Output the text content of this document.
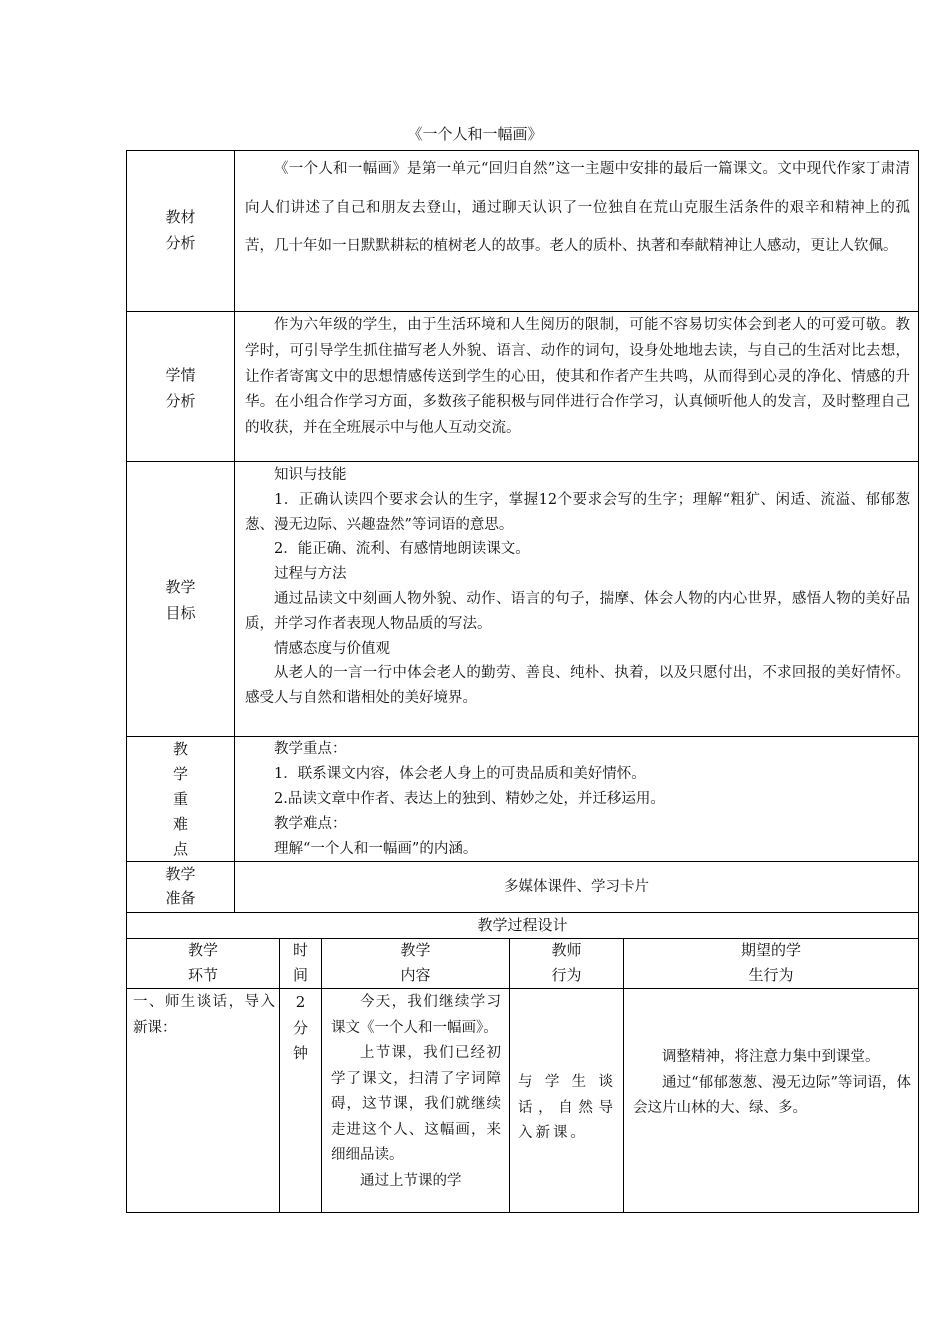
《一个人和一幅画》
教材
分析

《一个人和一幅画》是第一单元“回归自然”这一主题中安排的最后一篇课文。文中现代作家丁肃清向人们讲述了自己和朋友去登山，通过聊天认识了一位独自在荒山克服生活条件的艰辛和精神上的孤苦，几十年如一日默默耕耘的植树老人的故事。老人的质朴、执著和奉献精神让人感动，更让人钦佩。

学情
分析

作为六年级的学生，由于生活环境和人生阅历的限制，可能不容易切实体会到老人的可爱可敬。教学时，可引导学生抓住描写老人外貌、语言、动作的词句，设身处地地去读，与自己的生活对比去想，让作者寄寓文中的思想情感传送到学生的心田，使其和作者产生共鸣，从而得到心灵的净化、情感的升华。在小组合作学习方面，多数孩子能积极与同伴进行合作学习，认真倾听他人的发言，及时整理自己的收获，并在全班展示中与他人互动交流。

教学
目标

知识与技能

1．正确认读四个要求会认的生字，掌握12个要求会写的生字；理解“粗犷、闲适、流溢、郁郁葱葱、漫无边际、兴趣盎然”等词语的意思。

2．能正确、流利、有感情地朗读课文。

过程与方法

通过品读文中刻画人物外貌、动作、语言的句子，揣摩、体会人物的内心世界，感悟人物的美好品质，并学习作者表现人物品质的写法。

情感态度与价值观

从老人的一言一行中体会老人的勤劳、善良、纯朴、执着，以及只愿付出，不求回报的美好情怀。感受人与自然和谐相处的美好境界。

教
学
重
难
点

教学重点：

1．联系课文内容，体会老人身上的可贵品质和美好情怀。

2.品读文章中作者、表达上的独到、精妙之处，并迁移运用。

教学难点：

理解“一个人和一幅画”的内涵。

教学
准备
多媒体课件、学习卡片
教学过程设计
教学
环节
时
间
教学
内容
教师
行为
期望的学
生行为
一、师生谈话，导入新课：
2
分
钟

今天，我们继续学习课文《一个人和一幅画》。

上节课，我们已经初学了课文，扫清了字词障碍，这节课，我们就继续走进这个人、这幅画，来细细品读。

通过上节课的学

与学生谈话，自然导入新课。

调整精神，将注意力集中到课堂。

通过“郁郁葱葱、漫无边际”等词语，体会这片山林的大、绿、多。
